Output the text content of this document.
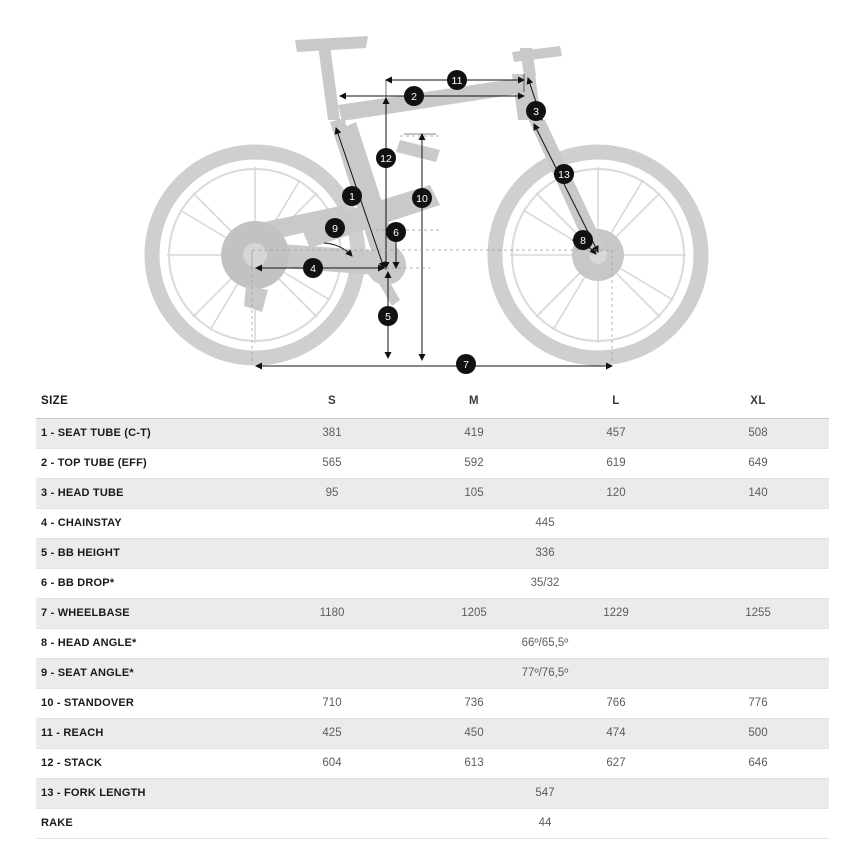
1
2
3
4
5
6
7
8
9
10
11
12
13
SIZE	S	M	L	XL
1 - SEAT TUBE (C-T)	381	419	457	508
2 - TOP TUBE (EFF)	565	592	619	649
3 - HEAD TUBE	95	105	120	140
4 - CHAINSTAY	445			
5 - BB HEIGHT	336			
6 - BB DROP*	35/32			
7 - WHEELBASE	1180	1205	1229	1255
8 - HEAD ANGLE*	66º/65,5º			
9 - SEAT ANGLE*	77º/76,5º			
10 - STANDOVER	710	736	766	776
11 - REACH	425	450	474	500
12 - STACK	604	613	627	646
13 - FORK LENGTH	547			
RAKE	44			
